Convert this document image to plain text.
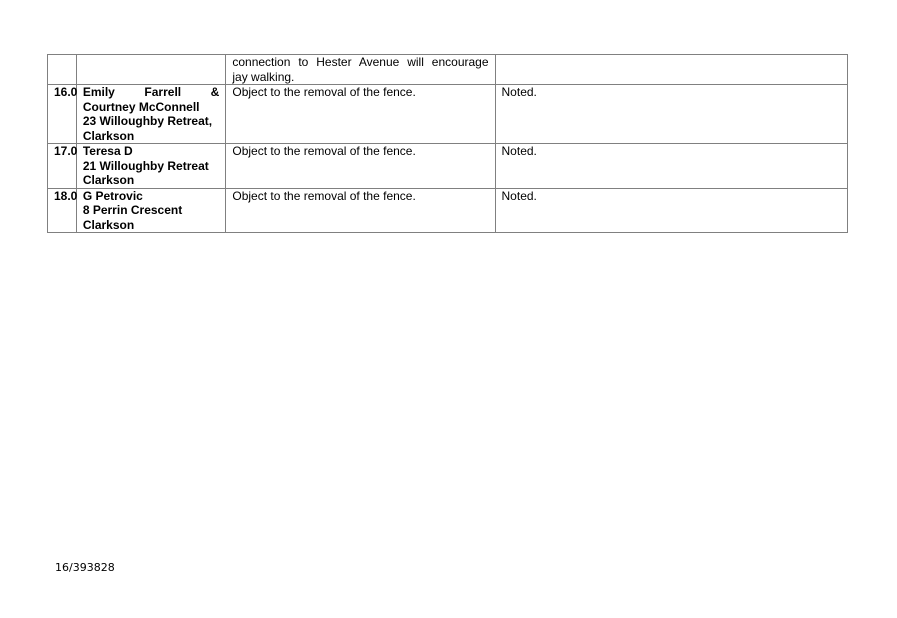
		connection to Hester Avenue will encourage
jay walking.	

16.0	Emily Farrell &
Courtney McConnell
23 Willoughby Retreat,
Clarkson	Object to the removal of the fence.	Noted.
17.0	Teresa D
21 Willoughby Retreat
Clarkson	Object to the removal of the fence.	Noted.
18.0	G Petrovic
8 Perrin Crescent
Clarkson	Object to the removal of the fence.	Noted.
16/393828
